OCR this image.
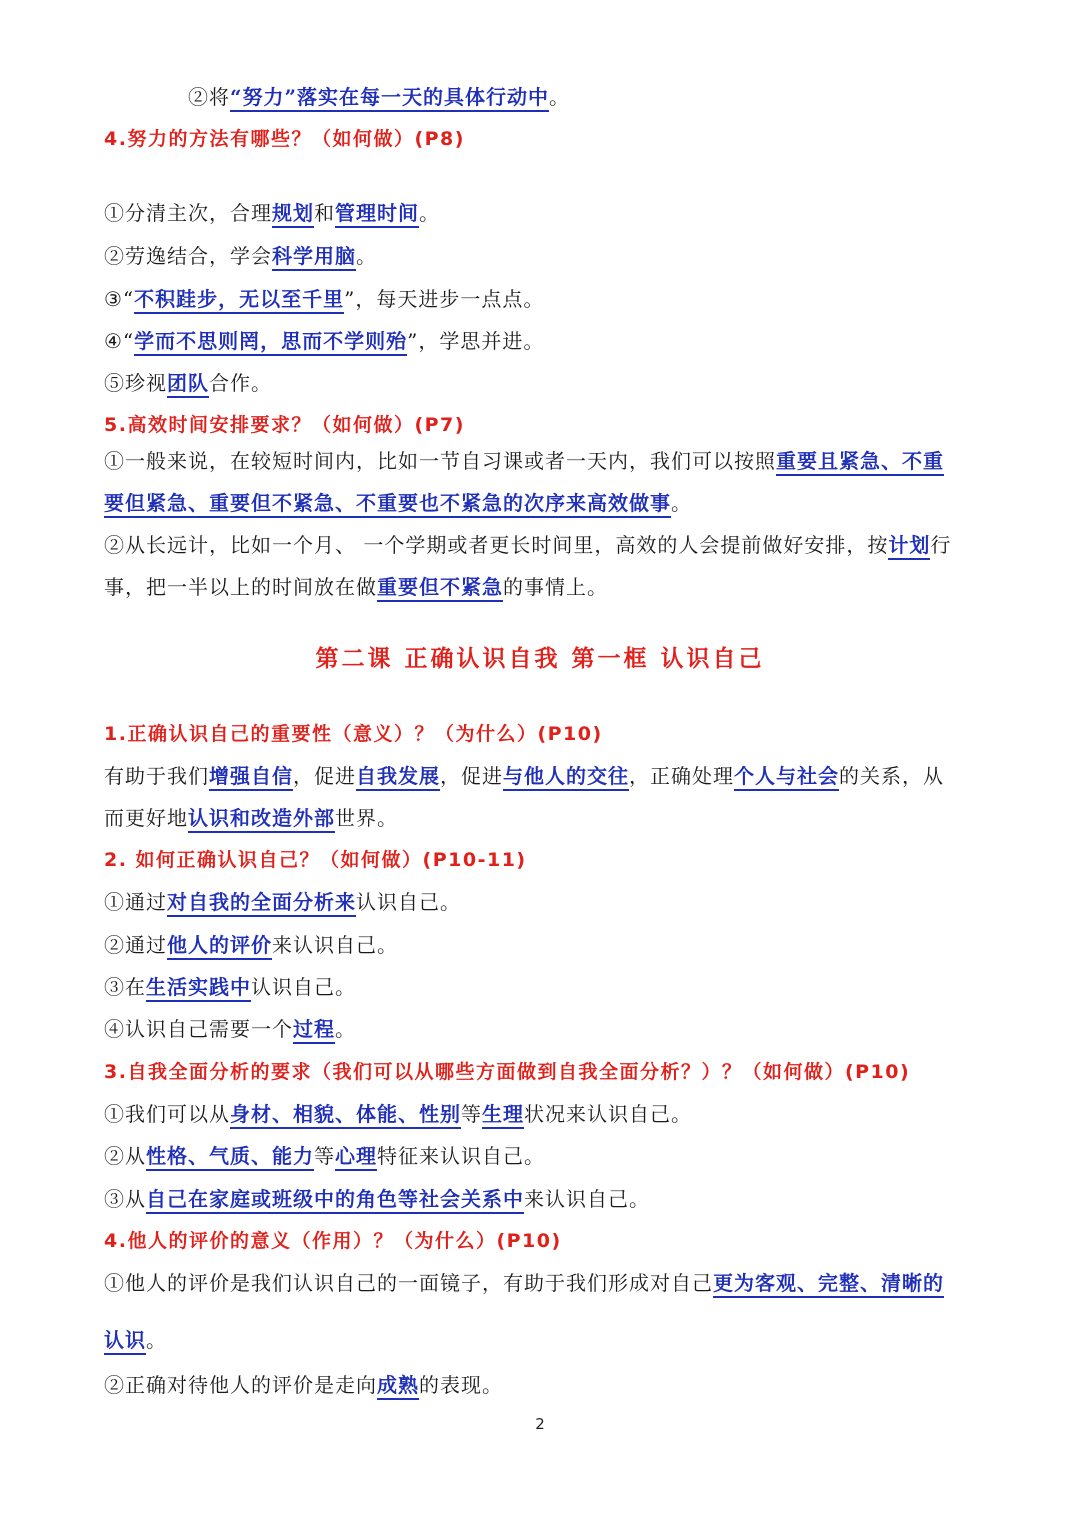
②将“努力”落实在每一天的具体行动中。
4.努力的方法有哪些？（如何做）(P8)
①分清主次，合理规划和管理时间。
②劳逸结合，学会科学用脑。
③“不积跬步，无以至千里”，每天进步一点点。
④“学而不思则罔，思而不学则殆”，学思并进。
⑤珍视团队合作。
5.高效时间安排要求？（如何做）(P7)
①一般来说，在较短时间内，比如一节自习课或者一天内，我们可以按照重要且紧急、不重
要但紧急、重要但不紧急、不重要也不紧急的次序来高效做事。
②从长远计，比如一个月、 一个学期或者更长时间里，高效的人会提前做好安排，按计划行
事，把一半以上的时间放在做重要但不紧急的事情上。
第二课 正确认识自我 第一框 认识自己
1.正确认识自己的重要性（意义）？（为什么）(P10)
有助于我们增强自信，促进自我发展，促进与他人的交往，正确处理个人与社会的关系，从
而更好地认识和改造外部世界。
2. 如何正确认识自己？（如何做）(P10-11)
①通过对自我的全面分析来认识自己。
②通过他人的评价来认识自己。
③在生活实践中认识自己。
④认识自己需要一个过程。
3.自我全面分析的要求（我们可以从哪些方面做到自我全面分析？）？（如何做）(P10)
①我们可以从身材、相貌、体能、性别等生理状况来认识自己。
②从性格、气质、能力等心理特征来认识自己。
③从自己在家庭或班级中的角色等社会关系中来认识自己。
4.他人的评价的意义（作用）？（为什么）(P10)
①他人的评价是我们认识自己的一面镜子，有助于我们形成对自己更为客观、完整、清晰的
认识。
②正确对待他人的评价是走向成熟的表现。
2
